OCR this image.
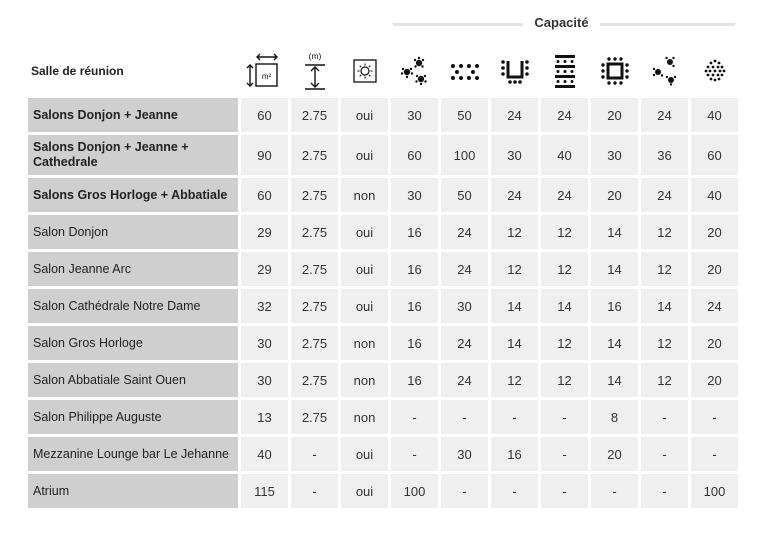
Capacité
Salle de réunion	m²	(m)

Salons Donjon + Jeanne	60	2.75	oui	30	50	24	24	20	24	40
Salons Donjon + Jeanne + Cathedrale	90	2.75	oui	60	100	30	40	30	36	60
Salons Gros Horloge + Abbatiale	60	2.75	non	30	50	24	24	20	24	40
Salon Donjon	29	2.75	oui	16	24	12	12	14	12	20
Salon Jeanne Arc	29	2.75	oui	16	24	12	12	14	12	20
Salon Cathédrale Notre Dame	32	2.75	oui	16	30	14	14	16	14	24
Salon Gros Horloge	30	2.75	non	16	24	14	12	14	12	20
Salon Abbatiale Saint Ouen	30	2.75	non	16	24	12	12	14	12	20
Salon Philippe Auguste	13	2.75	non	-	-	-	-	8	-	-
Mezzanine Lounge bar Le Jehanne	40	-	oui	-	30	16	-	20	-	-
Atrium	115	-	oui	100	-	-	-	-	-	100
